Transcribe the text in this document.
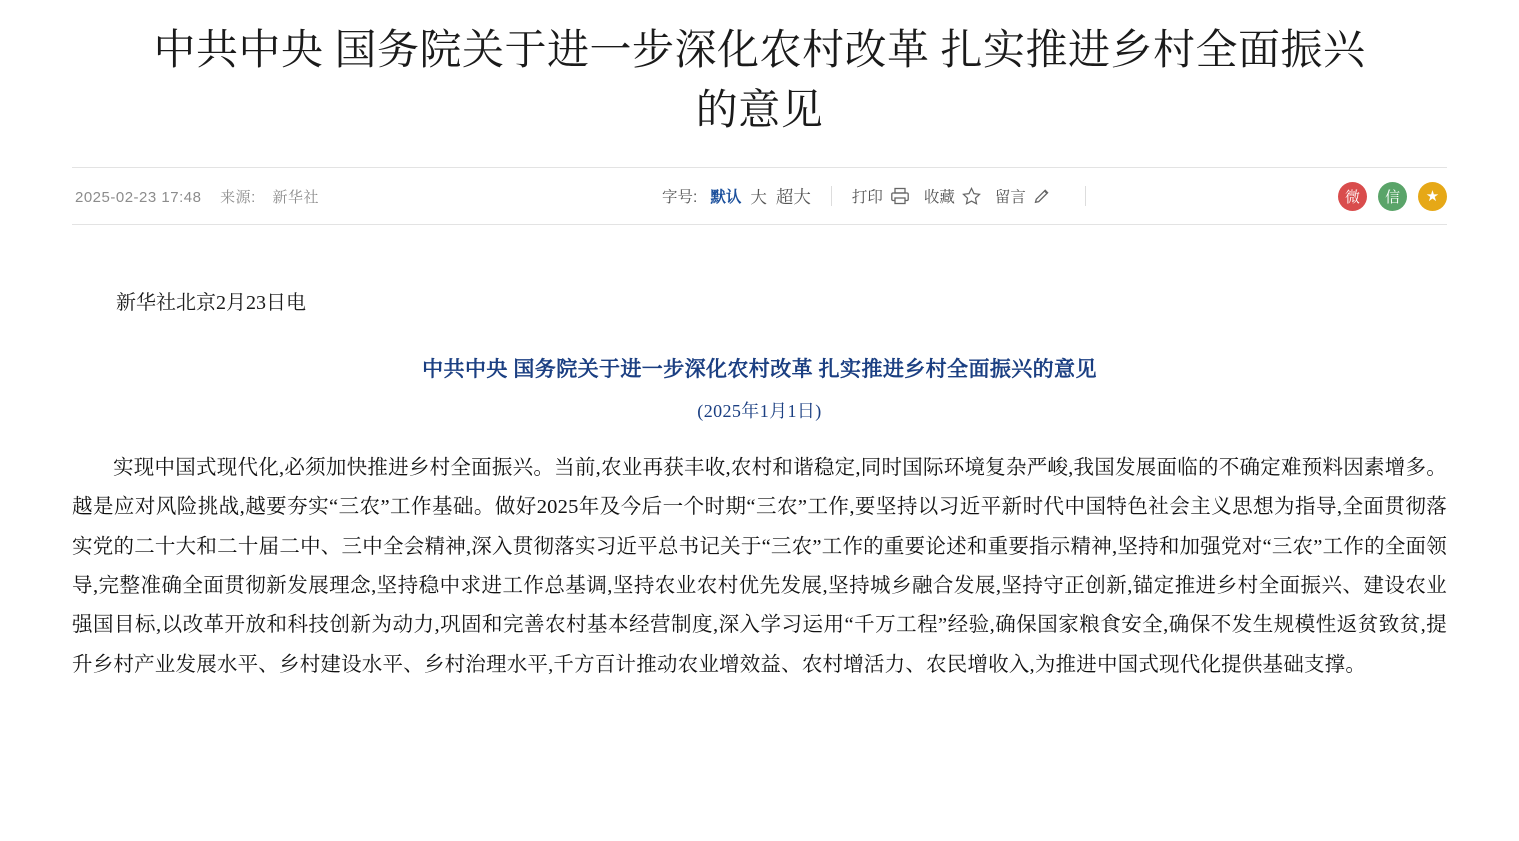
中共中央 国务院关于进一步深化农村改革 扎实推进乡村全面振兴的意见
2025-02-23 17:48 来源: 新华社	字号: 默认 大 超大	打印	收藏	留言	微	信	★
新华社北京2月23日电
中共中央 国务院关于进一步深化农村改革 扎实推进乡村全面振兴的意见
(2025年1月1日)

实现中国式现代化,必须加快推进乡村全面振兴。当前,农业再获丰收,农村和谐稳定,同时国际环境复杂严峻,我国发展面临的不确定难预料因素增多。越是应对风险挑战,越要夯实“三农”工作基础。做好2025年及今后一个时期“三农”工作,要坚持以习近平新时代中国特色社会主义思想为指导,全面贯彻落实党的二十大和二十届二中、三中全会精神,深入贯彻落实习近平总书记关于“三农”工作的重要论述和重要指示精神,坚持和加强党对“三农”工作的全面领导,完整准确全面贯彻新发展理念,坚持稳中求进工作总基调,坚持农业农村优先发展,坚持城乡融合发展,坚持守正创新,锚定推进乡村全面振兴、建设农业强国目标,以改革开放和科技创新为动力,巩固和完善农村基本经营制度,深入学习运用“千万工程”经验,确保国家粮食安全,确保不发生规模性返贫致贫,提升乡村产业发展水平、乡村建设水平、乡村治理水平,千方百计推动农业增效益、农村增活力、农民增收入,为推进中国式现代化提供基础支撑。
